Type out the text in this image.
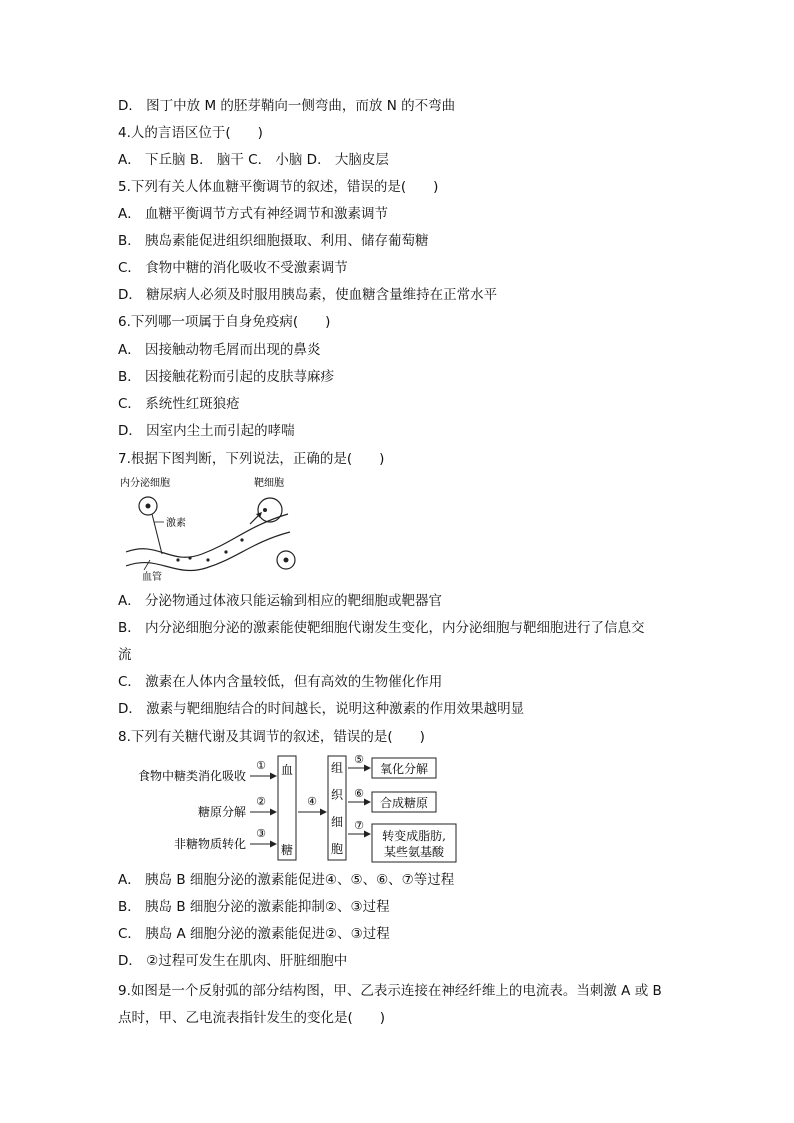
D． 图丁中放 M 的胚芽鞘向一侧弯曲，而放 N 的不弯曲
4.人的言语区位于(　　)
A． 下丘脑 B． 脑干 C． 小脑 D． 大脑皮层
5.下列有关人体血糖平衡调节的叙述，错误的是(　　)
A． 血糖平衡调节方式有神经调节和激素调节
B． 胰岛素能促进组织细胞摄取、利用、储存葡萄糖
C． 食物中糖的消化吸收不受激素调节
D． 糖尿病人必须及时服用胰岛素，使血糖含量维持在正常水平
6.下列哪一项属于自身免疫病(　　)
A． 因接触动物毛屑而出现的鼻炎
B． 因接触花粉而引起的皮肤荨麻疹
C． 系统性红斑狼疮
D． 因室内尘土而引起的哮喘
7.根据下图判断，下列说法，正确的是(　　)
内分泌细胞	靶细胞
激素
血管
A． 分泌物通过体液只能运输到相应的靶细胞或靶器官
B． 内分泌细胞分泌的激素能使靶细胞代谢发生变化，内分泌细胞与靶细胞进行了信息交
流
C． 激素在人体内含量较低，但有高效的生物催化作用
D． 激素与靶细胞结合的时间越长，说明这种激素的作用效果越明显
8.下列有关糖代谢及其调节的叙述，错误的是(　　)
食物中糖类消化吸收
糖原分解
非糖物质转化
①
②
③
血
糖
④
组
织
细
胞
⑤
⑥
⑦
氧化分解
合成糖原
转变成脂肪,
某些氨基酸
A． 胰岛 B 细胞分泌的激素能促进④、⑤、⑥、⑦等过程
B． 胰岛 B 细胞分泌的激素能抑制②、③过程
C． 胰岛 A 细胞分泌的激素能促进②、③过程
D． ②过程可发生在肌肉、肝脏细胞中
9.如图是一个反射弧的部分结构图，甲、乙表示连接在神经纤维上的电流表。当刺激 A 或 B 点时，甲、乙电流表指针发生的变化是(　　)
